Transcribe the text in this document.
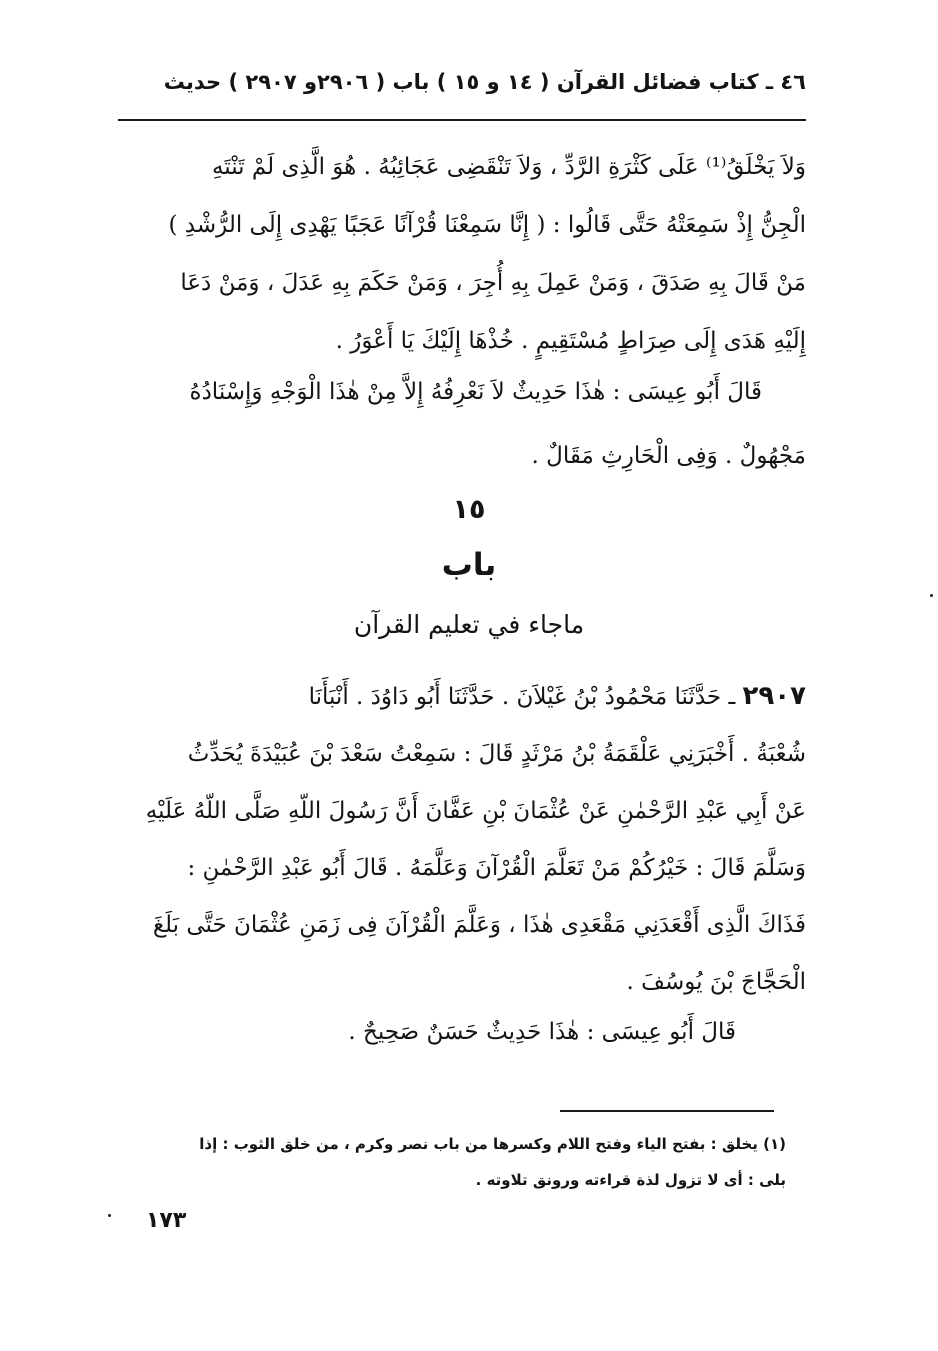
٤٦ ـ كتاب فضائل القرآن ( ١٤ و ١٥ ) باب ( ٢٩٠٦و ٢٩٠٧ ) حديث
وَلاَ يَخْلَقُ⁽¹⁾ عَلَى كَثْرَةِ الرَّدِّ ، وَلاَ تَنْقَضِى عَجَائِبُهُ . هُوَ الَّذِى لَمْ تَنْتَهِ
الْجِنُّ إِذْ سَمِعَتْهُ حَتَّى قَالُوا : ( إِنَّا سَمِعْنَا قُرْآنًا عَجَبًا يَهْدِى إِلَى الرُّشْدِ )
مَنْ قَالَ بِهِ صَدَقَ ، وَمَنْ عَمِلَ بِهِ أُجِرَ ، وَمَنْ حَكَمَ بِهِ عَدَلَ ، وَمَنْ دَعَا
إِلَيْهِ هَدَى إِلَى صِرَاطٍ مُسْتَقِيمٍ . خُذْهَا إِلَيْكَ يَا أَعْوَرُ .
قَالَ أَبُو عِيسَى : هٰذَا حَدِيثٌ لاَ نَعْرِفُهُ إِلاَّ مِنْ هٰذَا الْوَجْهِ وَإِسْنَادُهُ
مَجْهُولٌ . وَفِى الْحَارِثِ مَقَالٌ .
١٥
باب
ماجاء في تعليم القرآن
٢٩٠٧ ـ حَدَّثَنَا مَحْمُودُ بْنُ غَيْلاَنَ . حَدَّثَنَا أَبُو دَاوُدَ . أَنْبَأَنَا
شُعْبَةُ . أَخْبَرَنِي عَلْقَمَةُ بْنُ مَرْثَدٍ قَالَ : سَمِعْتُ سَعْدَ بْنَ عُبَيْدَةَ يُحَدِّثُ
عَنْ أَبِي عَبْدِ الرَّحْمٰنِ عَنْ عُثْمَانَ بْنِ عَفَّانَ أَنَّ رَسُولَ اللّهِ صَلَّى اللّهُ عَلَيْهِ
وَسَلَّمَ قَالَ : خَيْرُكُمْ مَنْ تَعَلَّمَ الْقُرْآنَ وَعَلَّمَهُ . قَالَ أَبُو عَبْدِ الرَّحْمٰنِ :
فَذَاكَ الَّذِى أَقْعَدَنِي مَقْعَدِى هٰذَا ، وَعَلَّمَ الْقُرْآنَ فِى زَمَنِ عُثْمَانَ حَتَّى بَلَغَ
الْحَجَّاجَ بْنَ يُوسُفَ .
قَالَ أَبُو عِيسَى : هٰذَا حَدِيثٌ حَسَنٌ صَحِيحٌ .
(١) يخلق : بفتح الياء وفتح اللام وكسرها من باب نصر وكرم ، من خلق الثوب : إذا
بلى : أى لا تزول لذة قراءته ورونق تلاوته .
١٧٣
